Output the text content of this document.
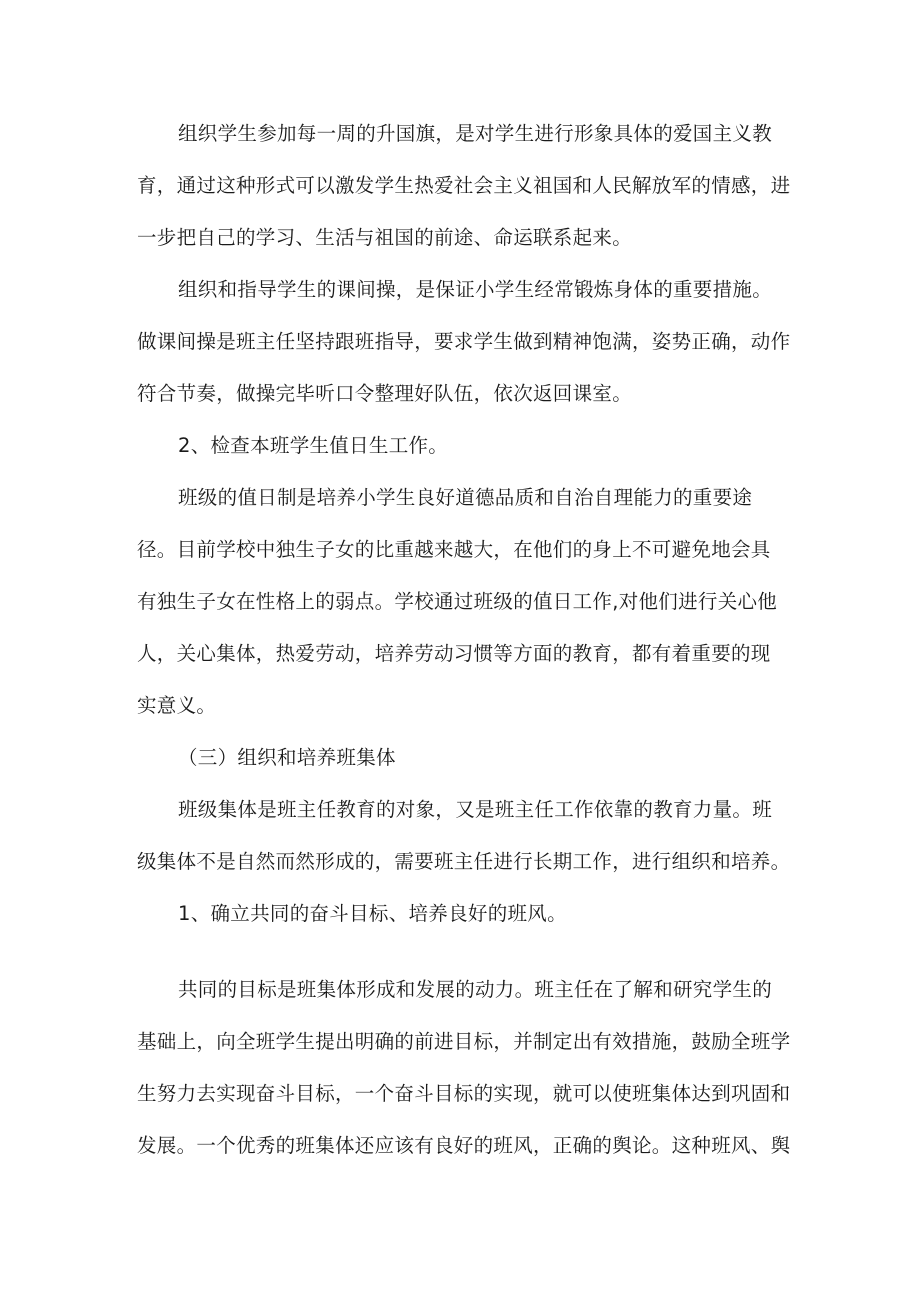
组织学生参加每一周的升国旗，是对学生进行形象具体的爱国主义教
育，通过这种形式可以激发学生热爱社会主义祖国和人民解放军的情感，进
一步把自己的学习、生活与祖国的前途、命运联系起来。
组织和指导学生的课间操，是保证小学生经常锻炼身体的重要措施。
做课间操是班主任坚持跟班指导，要求学生做到精神饱满，姿势正确，动作
符合节奏，做操完毕听口令整理好队伍，依次返回课室。
2、检查本班学生值日生工作。
班级的值日制是培养小学生良好道德品质和自治自理能力的重要途
径。目前学校中独生子女的比重越来越大，在他们的身上不可避免地会具
有独生子女在性格上的弱点。学校通过班级的值日工作,对他们进行关心他
人，关心集体，热爱劳动，培养劳动习惯等方面的教育，都有着重要的现
实意义。
（三）组织和培养班集体
班级集体是班主任教育的对象，又是班主任工作依靠的教育力量。班
级集体不是自然而然形成的，需要班主任进行长期工作，进行组织和培养。
1、确立共同的奋斗目标、培养良好的班风。
共同的目标是班集体形成和发展的动力。班主任在了解和研究学生的
基础上，向全班学生提出明确的前进目标，并制定出有效措施，鼓励全班学
生努力去实现奋斗目标，一个奋斗目标的实现，就可以使班集体达到巩固和
发展。一个优秀的班集体还应该有良好的班风，正确的舆论。这种班风、舆
